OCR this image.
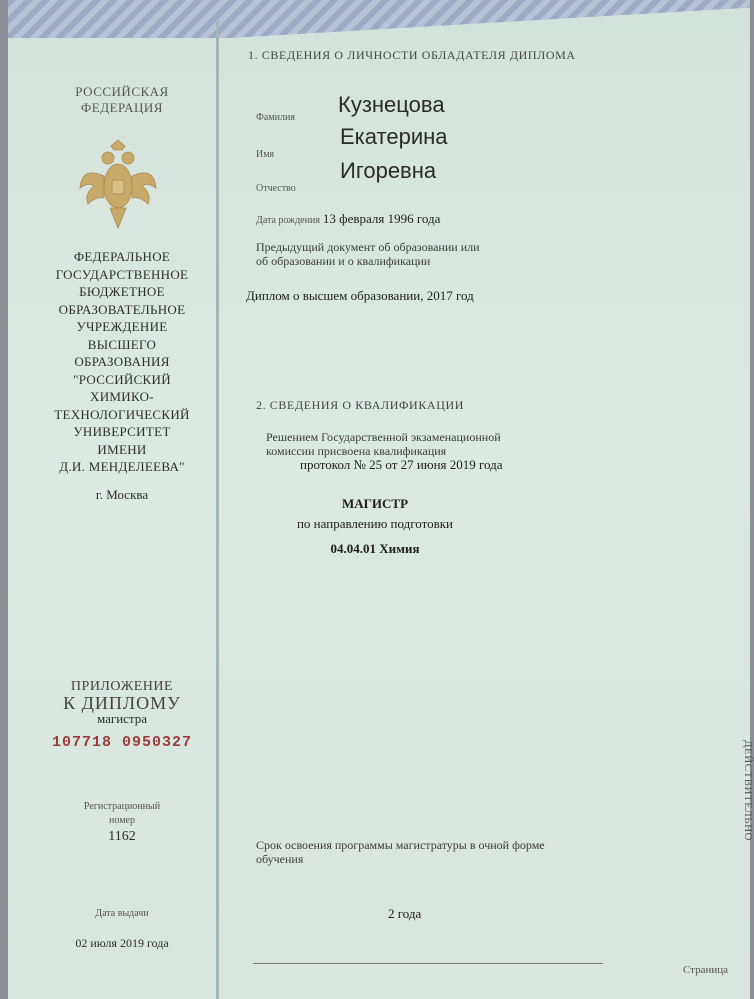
РОССИЙСКАЯ
ФЕДЕРАЦИЯ
ФЕДЕРАЛЬНОЕ
ГОСУДАРСТВЕННОЕ
БЮДЖЕТНОЕ
ОБРАЗОВАТЕЛЬНОЕ
УЧРЕЖДЕНИЕ
ВЫСШЕГО
ОБРАЗОВАНИЯ
"РОССИЙСКИЙ
ХИМИКО-
ТЕХНОЛОГИЧЕСКИЙ
УНИВЕРСИТЕТ
ИМЕНИ
Д.И. МЕНДЕЛЕЕВА"
г. Москва
ПРИЛОЖЕНИЕ
К ДИПЛОМУ
магистра
107718 0950327
Регистрационный
номер
1162
Дата выдачи
02 июля 2019 года
1. СВЕДЕНИЯ О ЛИЧНОСТИ ОБЛАДАТЕЛЯ ДИПЛОМА
Фамилия
Кузнецова
Имя
Екатерина
Отчество
Игоревна
Дата рождения 13 февраля 1996 года
Предыдущий документ об образовании или
об образовании и о квалификации
Диплом о высшем образовании, 2017 год
2. СВЕДЕНИЯ О КВАЛИФИКАЦИИ
Решением Государственной экзаменационной
комиссии присвоена квалификация
протокол № 25 от 27 июня 2019 года
МАГИСТР
по направлению подготовки
04.04.01 Химия
Срок освоения программы магистратуры в очной форме
обучения
2 года
Страница
ДЕЙСТВИТЕЛЬНО
